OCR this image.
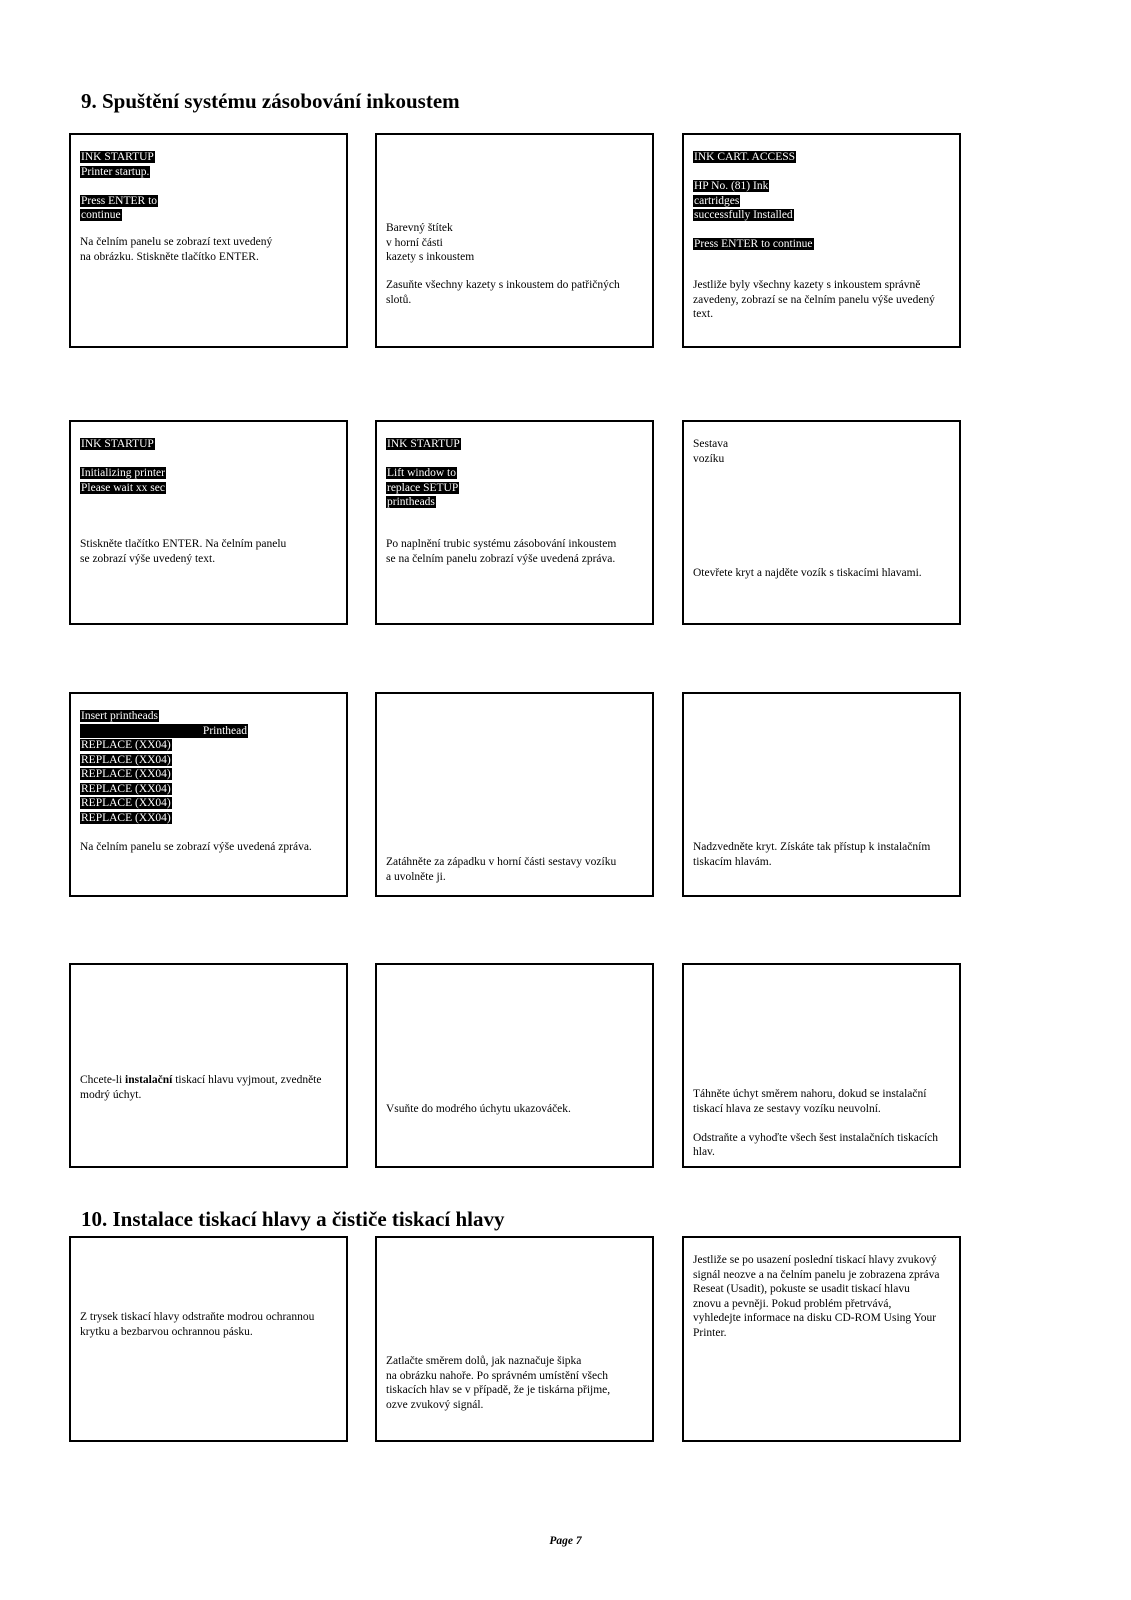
9. Spuštění systému zásobování inkoustem
INK STARTUP
Printer startup.
Press ENTER to
continue

Na čelním panelu se zobrazí text uvedený

na obrázku. Stiskněte tlačítko ENTER.

Barevný štítek

v horní části

kazety s inkoustem

Zasuňte všechny kazety s inkoustem do patřičných

slotů.

INK CART. ACCESS
HP No. (81) Ink
cartridges
successfully Installed
Press ENTER to continue

Jestliže byly všechny kazety s inkoustem správně

zavedeny, zobrazí se na čelním panelu výše uvedený

text.

INK STARTUP
Initializing printer
Please wait xx sec

Stiskněte tlačítko ENTER. Na čelním panelu

se zobrazí výše uvedený text.

INK STARTUP
Lift window to
replace SETUP
printheads

Po naplnění trubic systému zásobování inkoustem

se na čelním panelu zobrazí výše uvedená zpráva.

Sestava

vozíku

Otevřete kryt a najděte vozík s tiskacími hlavami.

Insert printheads
Printhead
REPLACE (XX04)
REPLACE (XX04)
REPLACE (XX04)
REPLACE (XX04)
REPLACE (XX04)
REPLACE (XX04)

Na čelním panelu se zobrazí výše uvedená zpráva.

Zatáhněte za západku v horní části sestavy vozíku

a uvolněte ji.

Nadzvedněte kryt. Získáte tak přístup k instalačním

tiskacím hlavám.

Chcete-li instalační tiskací hlavu vyjmout, zvedněte

modrý úchyt.

Vsuňte do modrého úchytu ukazováček.

Táhněte úchyt směrem nahoru, dokud se instalační

tiskací hlava ze sestavy vozíku neuvolní.

Odstraňte a vyhoďte všech šest instalačních tiskacích

hlav.

10. Instalace tiskací hlavy a čističe tiskací hlavy

Z trysek tiskací hlavy odstraňte modrou ochrannou

krytku a bezbarvou ochrannou pásku.

Zatlačte směrem dolů, jak naznačuje šipka

na obrázku nahoře. Po správném umístění všech

tiskacích hlav se v případě, že je tiskárna přijme,

ozve zvukový signál.

Jestliže se po usazení poslední tiskací hlavy zvukový

signál neozve a na čelním panelu je zobrazena zpráva

Reseat (Usadit), pokuste se usadit tiskací hlavu

znovu a pevněji. Pokud problém přetrvává,

vyhledejte informace na disku CD-ROM Using Your

Printer.

Page 7
